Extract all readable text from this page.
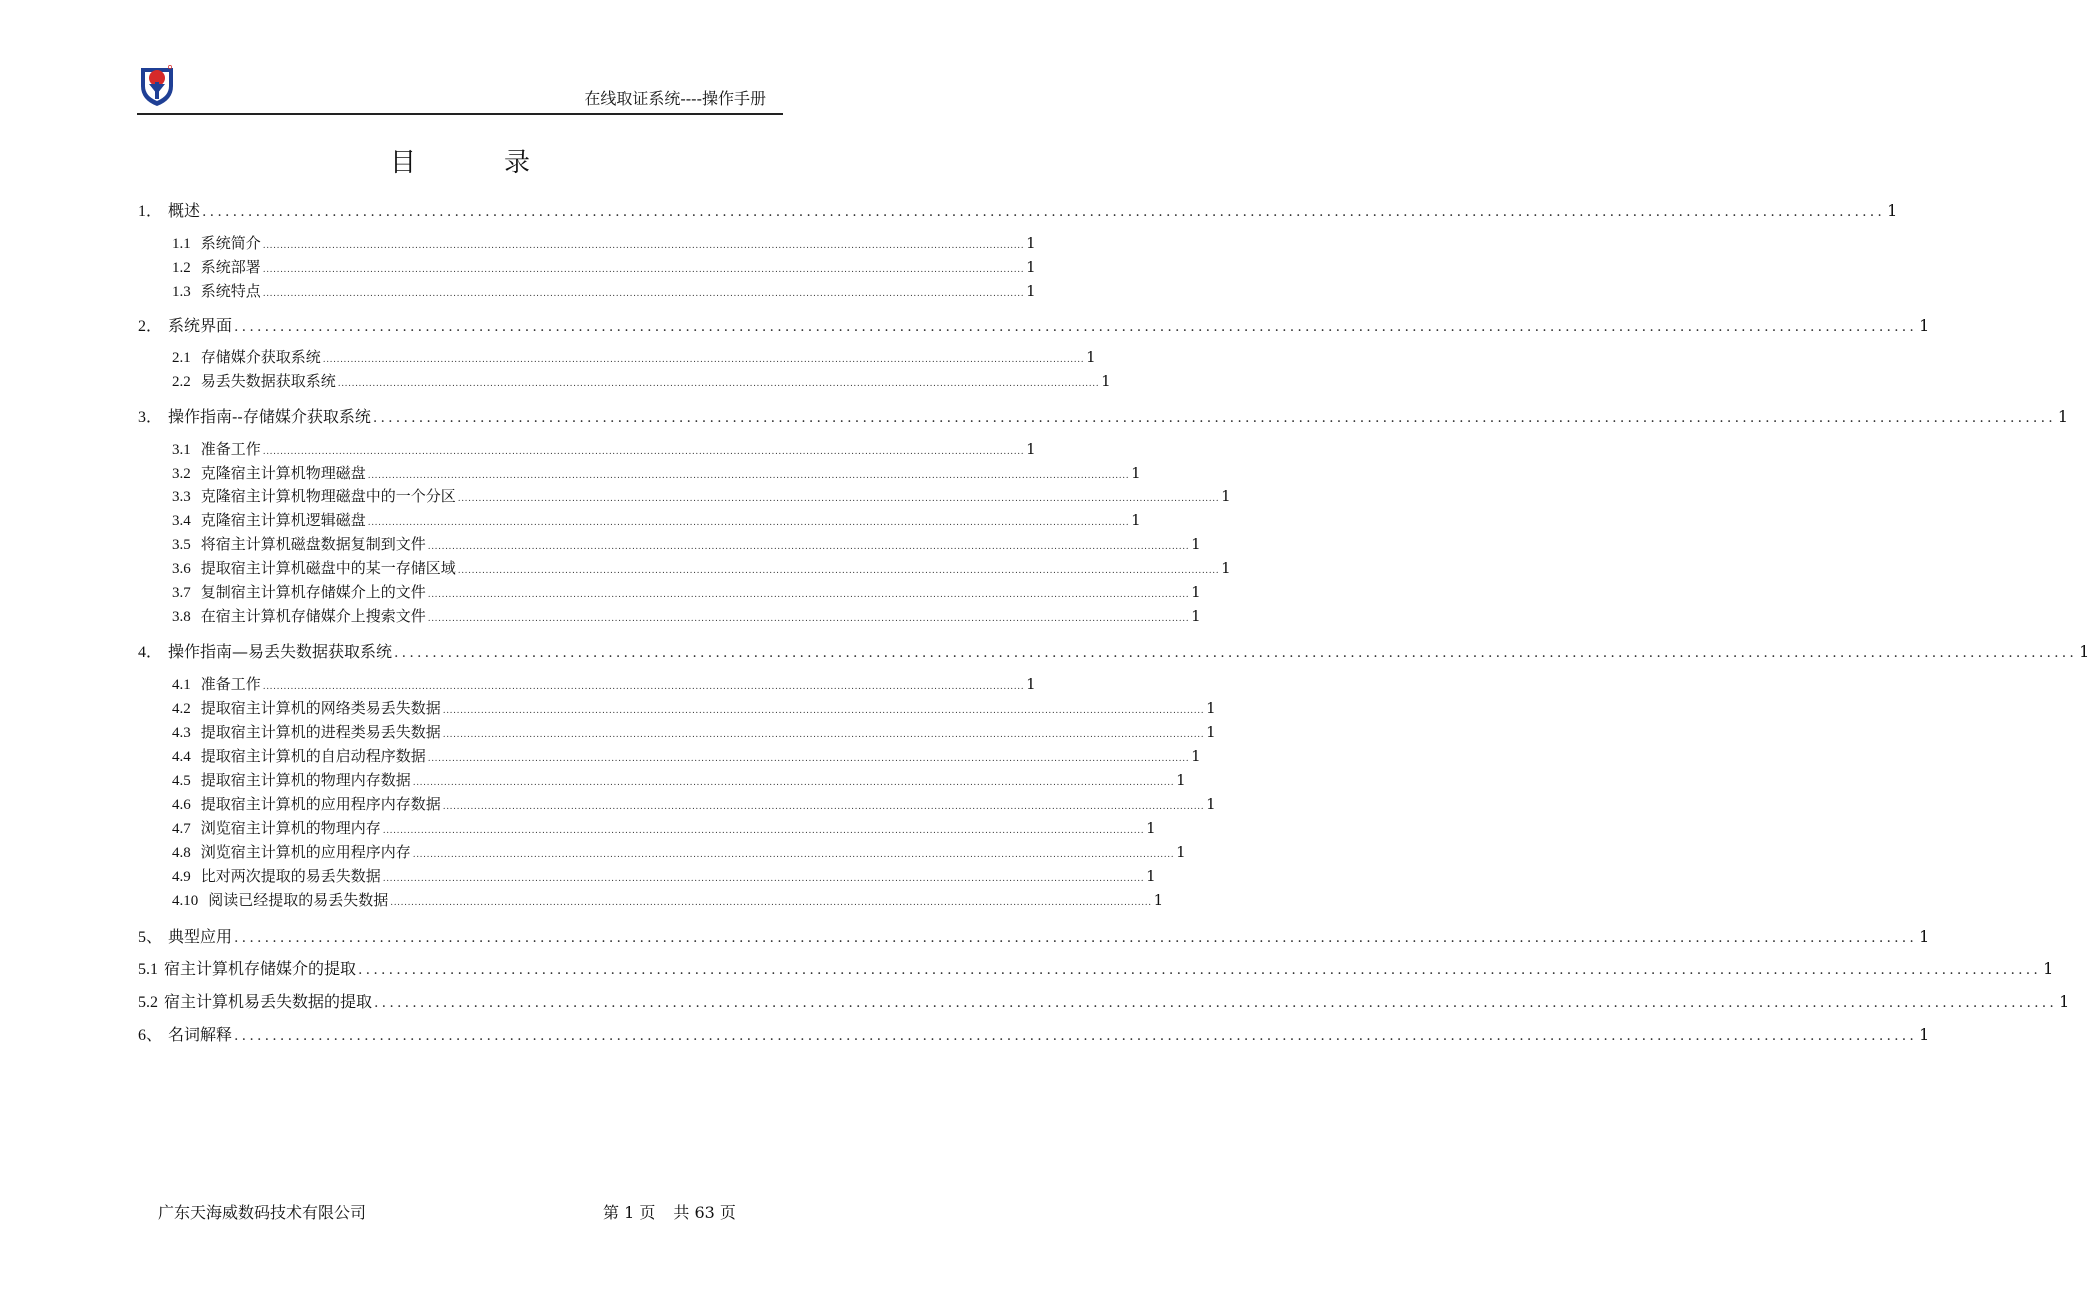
在线取证系统----操作手册
目	录
1． 概述 ............................................................................................................................................................................................................................ 1
1.1 系统简介 ............................................................................................................................................................................................................................ 1
1.2 系统部署 ............................................................................................................................................................................................................................ 1
1.3 系统特点 ............................................................................................................................................................................................................................ 1
2． 系统界面 ............................................................................................................................................................................................................................ 1
2.1 存储媒介获取系统 ............................................................................................................................................................................................................................ 1
2.2 易丢失数据获取系统 ............................................................................................................................................................................................................................ 1
3． 操作指南--存储媒介获取系统 ............................................................................................................................................................................................................................ 1
3.1 准备工作 ............................................................................................................................................................................................................................ 1
3.2 克隆宿主计算机物理磁盘 ............................................................................................................................................................................................................................ 1
3.3 克隆宿主计算机物理磁盘中的一个分区 ............................................................................................................................................................................................................................ 1
3.4 克隆宿主计算机逻辑磁盘 ............................................................................................................................................................................................................................ 1
3.5 将宿主计算机磁盘数据复制到文件 ............................................................................................................................................................................................................................ 1
3.6 提取宿主计算机磁盘中的某一存储区域 ............................................................................................................................................................................................................................ 1
3.7 复制宿主计算机存储媒介上的文件 ............................................................................................................................................................................................................................ 1
3.8 在宿主计算机存储媒介上搜索文件 ............................................................................................................................................................................................................................ 1
4． 操作指南—易丢失数据获取系统 ............................................................................................................................................................................................................................ 1
4.1 准备工作 ............................................................................................................................................................................................................................ 1
4.2 提取宿主计算机的网络类易丢失数据 ............................................................................................................................................................................................................................ 1
4.3 提取宿主计算机的进程类易丢失数据 ............................................................................................................................................................................................................................ 1
4.4 提取宿主计算机的自启动程序数据 ............................................................................................................................................................................................................................ 1
4.5 提取宿主计算机的物理内存数据 ............................................................................................................................................................................................................................ 1
4.6 提取宿主计算机的应用程序内存数据 ............................................................................................................................................................................................................................ 1
4.7 浏览宿主计算机的物理内存 ............................................................................................................................................................................................................................ 1
4.8 浏览宿主计算机的应用程序内存 ............................................................................................................................................................................................................................ 1
4.9 比对两次提取的易丢失数据 ............................................................................................................................................................................................................................ 1
4.10 阅读已经提取的易丢失数据 ............................................................................................................................................................................................................................ 1
5、 典型应用 ............................................................................................................................................................................................................................ 1
5.1 宿主计算机存储媒介的提取 ............................................................................................................................................................................................................................ 1
5.2 宿主计算机易丢失数据的提取 ............................................................................................................................................................................................................................ 1
6、 名词解释 ............................................................................................................................................................................................................................ 1
广东天海威数码技术有限公司	第 1 页 共 63 页
